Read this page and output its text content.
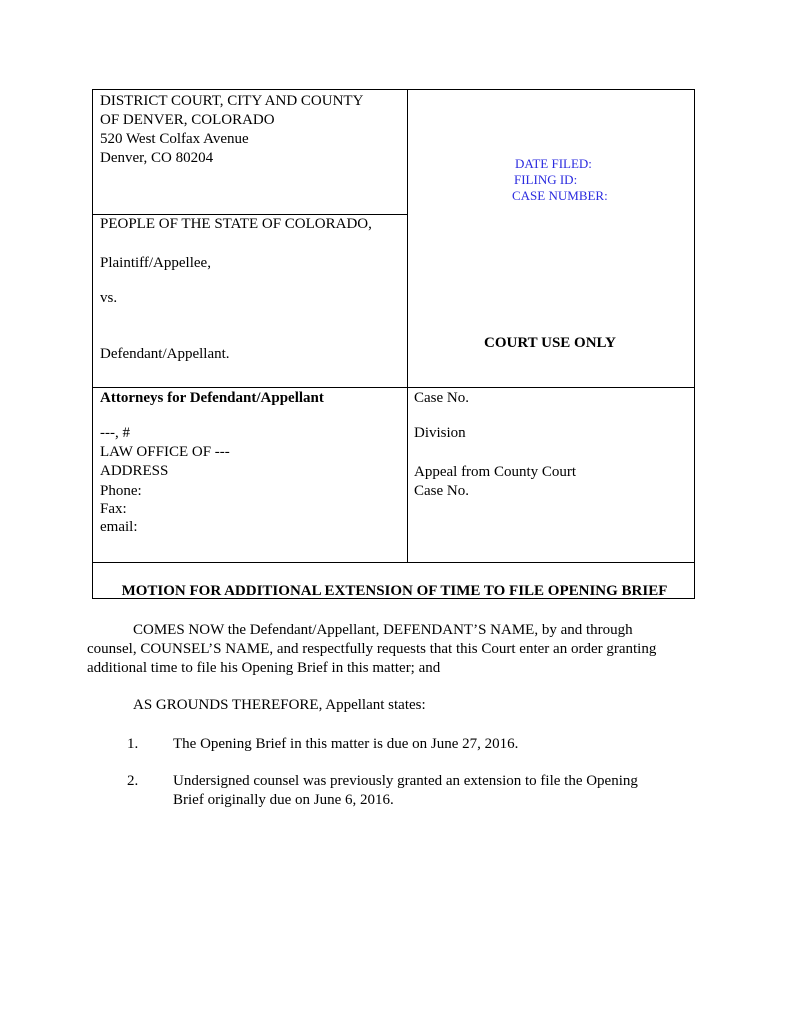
DISTRICT COURT, CITY AND COUNTY
OF DENVER, COLORADO
520 West Colfax Avenue
Denver, CO 80204	DATE FILED:
FILING ID:
CASE NUMBER:
PEOPLE OF THE STATE OF COLORADO,
Plaintiff/Appellee,
vs.
Defendant/Appellant.
COURT USE ONLY
Attorneys for Defendant/Appellant
---, #
LAW OFFICE OF ---
ADDRESS
Phone:
Fax:
email:
Case No.
Division
Appeal from County Court
Case No.
MOTION FOR ADDITIONAL EXTENSION OF TIME TO FILE OPENING BRIEF
COMES NOW the Defendant/Appellant, DEFENDANT’S NAME, by and through
counsel, COUNSEL’S NAME, and respectfully requests that this Court enter an order granting
additional time to file his Opening Brief in this matter; and
AS GROUNDS THEREFORE, Appellant states:
1. The Opening Brief in this matter is due on June 27, 2016.
2. Undersigned counsel was previously granted an extension to file the Opening
Brief originally due on June 6, 2016.
